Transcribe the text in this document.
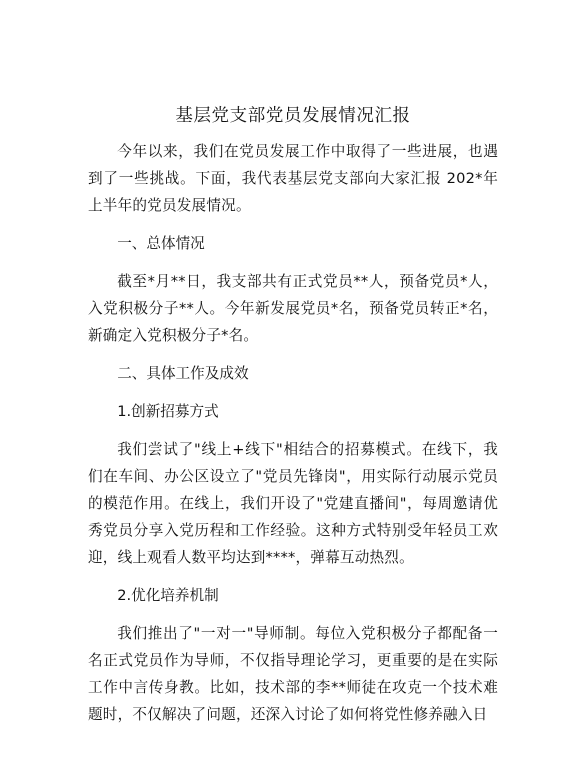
基层党支部党员发展情况汇报

今年以来，我们在党员发展工作中取得了一些进展，也遇到了一些挑战。下面，我代表基层党支部向大家汇报 202*年上半年的党员发展情况。

一、总体情况

截至*月**日，我支部共有正式党员**人，预备党员*人，入党积极分子**人。今年新发展党员*名，预备党员转正*名，新确定入党积极分子*名。

二、具体工作及成效

1.创新招募方式

我们尝试了"线上+线下"相结合的招募模式。在线下，我们在车间、办公区设立了"党员先锋岗"，用实际行动展示党员的模范作用。在线上，我们开设了"党建直播间"，每周邀请优秀党员分享入党历程和工作经验。这种方式特别受年轻员工欢迎，线上观看人数平均达到****，弹幕互动热烈。

2.优化培养机制

我们推出了"一对一"导师制。每位入党积极分子都配备一名正式党员作为导师，不仅指导理论学习，更重要的是在实际工作中言传身教。比如，技术部的李**师徒在攻克一个技术难题时，不仅解决了问题，还深入讨论了如何将党性修养融入日
